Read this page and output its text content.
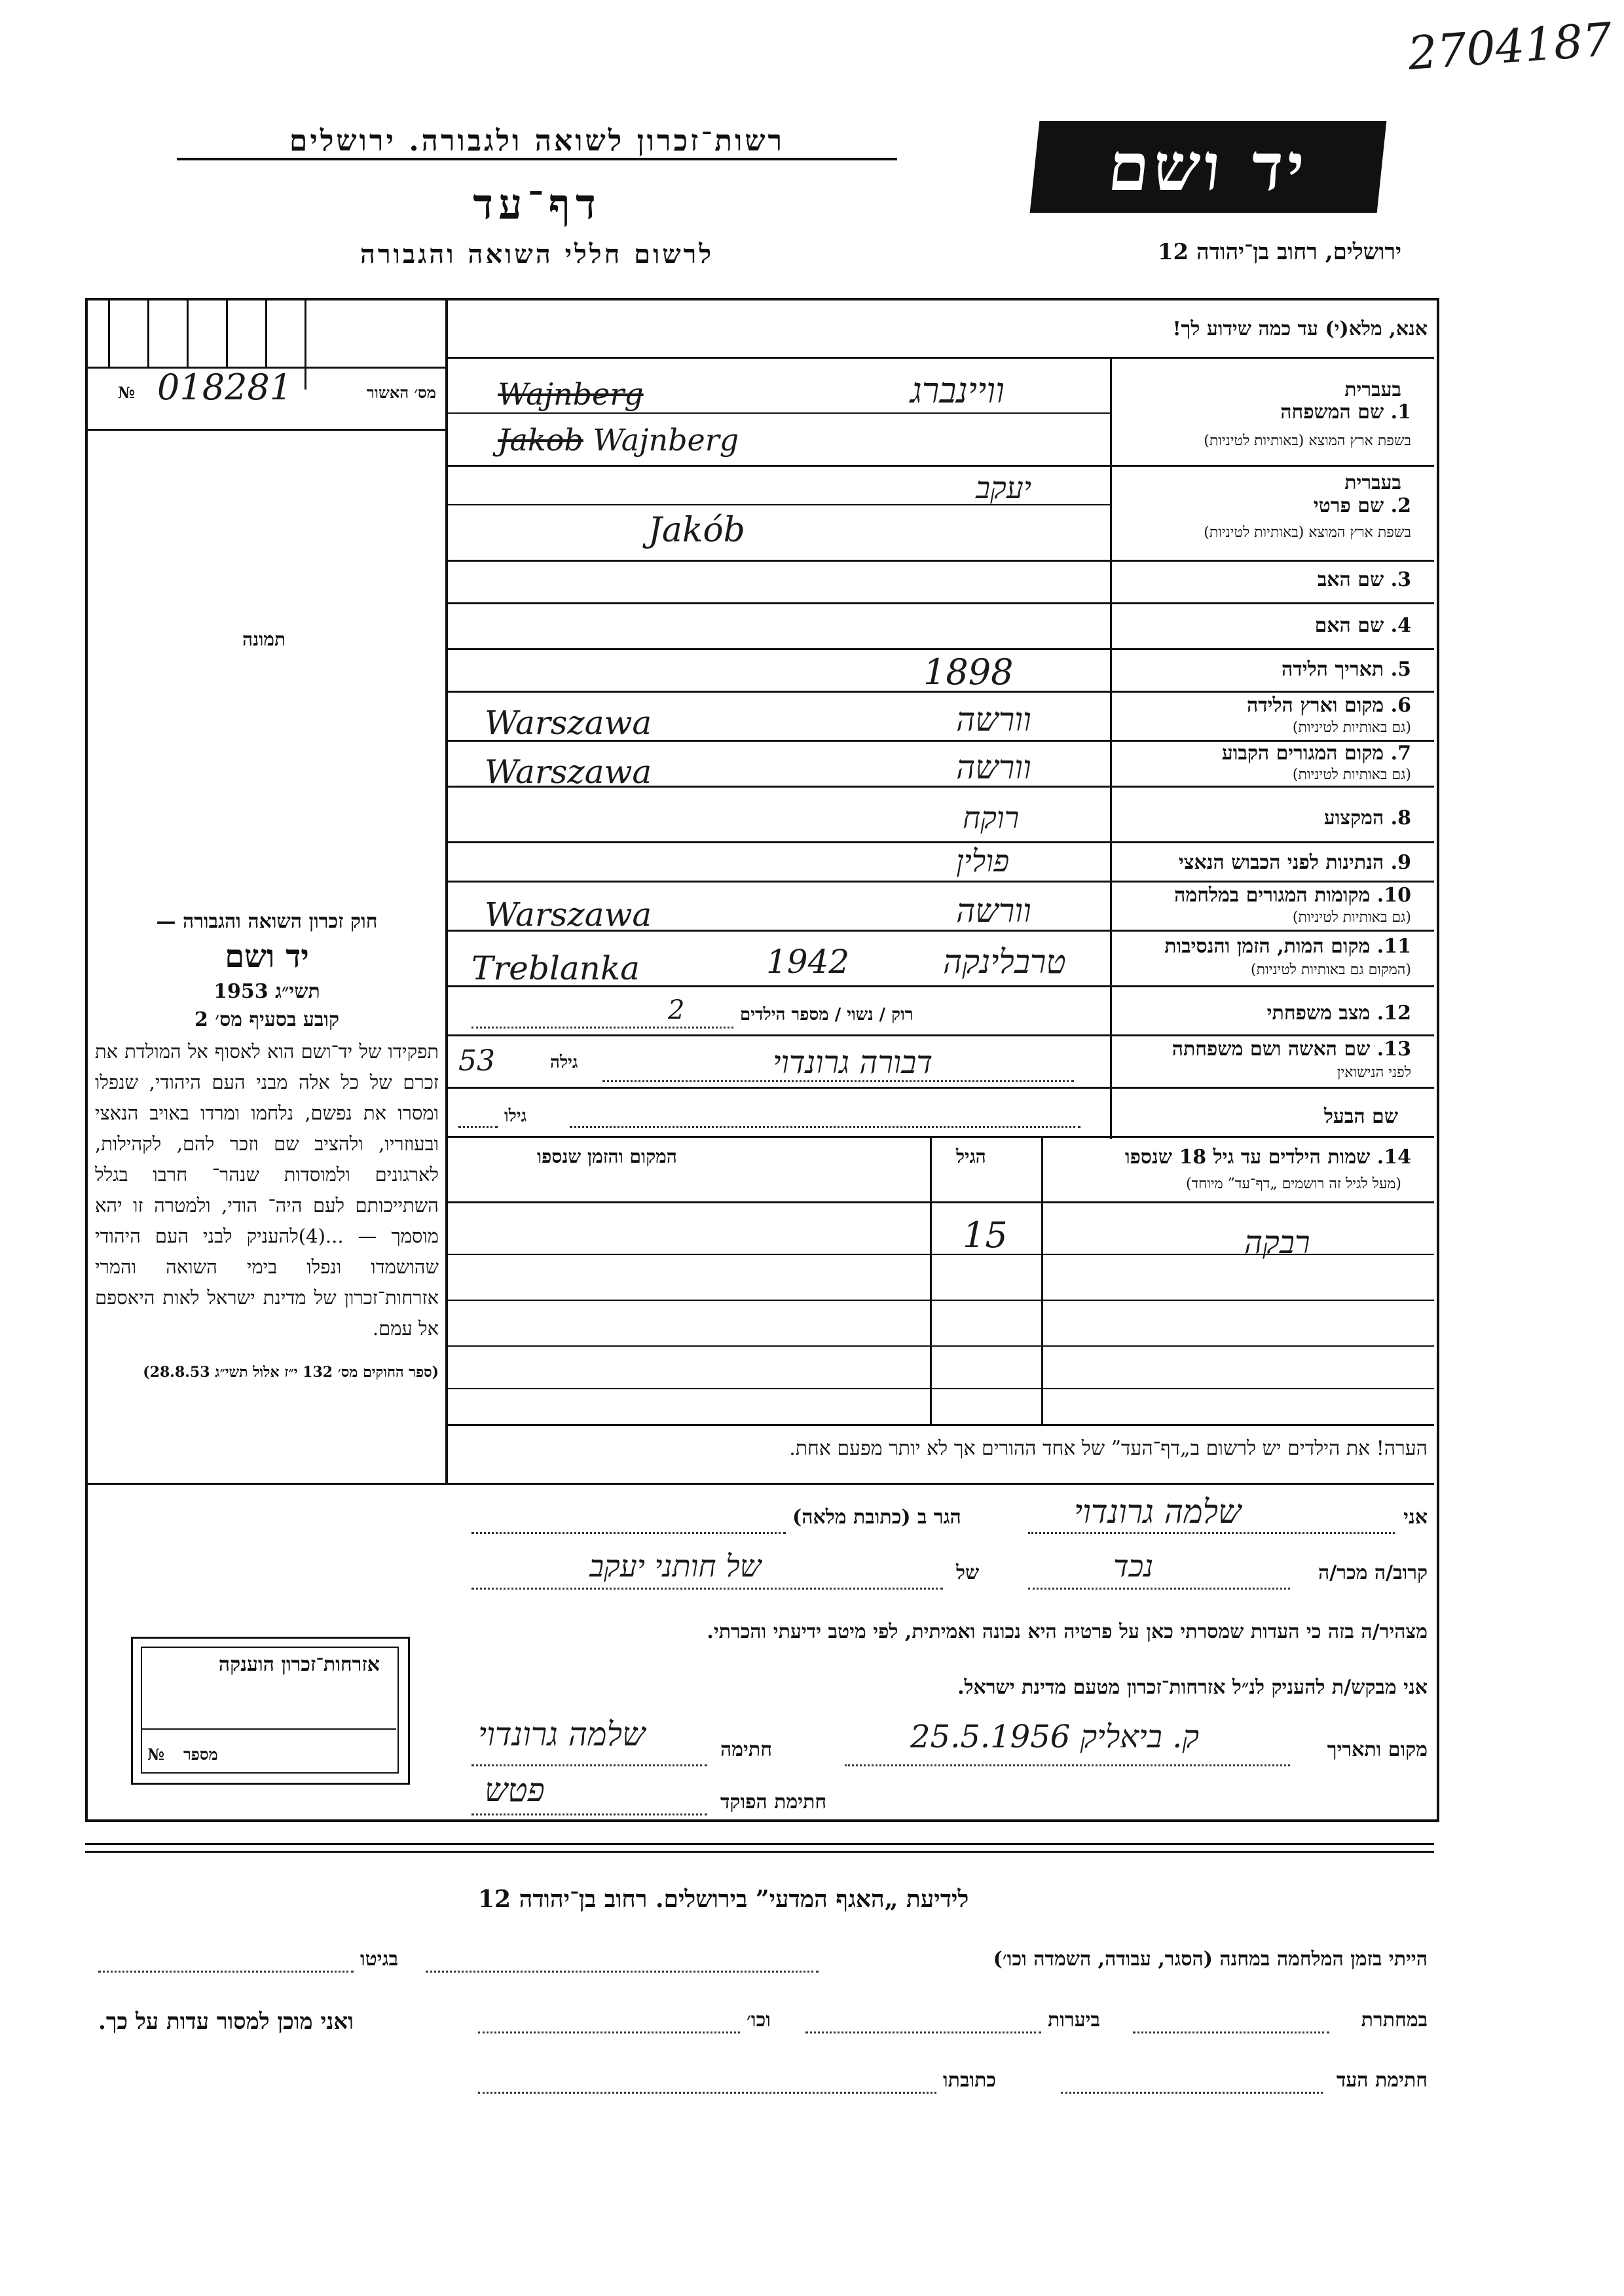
2704187
רשות־זכרון לשואה ולגבורה. ירושלים
דף־עד
לרשום חללי השואה והגבורה
יד ושם
ירושלים, רחוב בן־יהודה 12
מס׳ האשור
№ 018281
תמונה
אנא, מלא(י) עד כמה שידוע לך!
בעברית
1. שם המשפחה
בשפת ארץ המוצא (באותיות לטיניות)
וויינברג
Wajnberg
Jakob Wajnberg
בעברית
2. שם פרטי
בשפת ארץ המוצא (באותיות לטיניות)
יעקב
Jakób
3. שם האב
4. שם האם
5. תאריך הלידה
1898
6. מקום וארץ הלידה
(גם באותיות לטיניות)
וורשה
Warszawa
7. מקום המגורים הקבוע
(גם באותיות לטיניות)
וורשה
Warszawa
8. המקצוע
רוקח
9. הנתינות לפני הכבוש הנאצי
פולין
10. מקומות המגורים במלחמה
(גם באותיות לטיניות)
וורשה
Warszawa
11. מקום המות, הזמן והנסיבות
(המקום גם באותיות לטיניות)
טרבלינקה
1942
Treblanka
12. מצב משפחתי
רוק / נשוי / מספר הילדים
2
13. שם האשה ושם משפחתה
לפני הנישואין
דבורה גרונדוי
גילה
53
שם הבעל
גילו
14. שמות הילדים עד גיל 18 שנספו
(מעל לגיל זה רושמים „דף־עד” מיוחד)
הגיל
המקום והזמן שנספו
רבקה
15
הערה! את הילדים יש לרשום ב„דף־העד” של אחד ההורים אך לא יותר מפעם אחת.

חוק זכרון השואה והגבורה —

יד ושם

תשי״ג 1953

קובע בסעיף מס׳ 2

תפקידו של יד־ושם הוא לאסוף אל המולדת את זכרם של כל אלה מבני העם היהודי, שנפלו ומסרו את נפשם, נלחמו ומרדו באויב הנאצי ובעוזריו, ולהציב שם וזכר להם, לקהילות, לארגונים ולמוסדות שנהר־ חרבו בגלל השתייכותם לעם היה־ הודי, ולמטרה זו יהא מוסמך — ...(4)להעניק לבני העם היהודי שהושמדו ונפלו בימי השואה והמרי אזרחות־זכרון של מדינת ישראל לאות היאספם אל עמם.

(ספר החוקים מס׳ 132 י״ז אלול תשי״ג 28.8.53)

אזרחות־זכרון הוענקה
מספר
№
אני
שלמה גרונדוי
הגר ב (כתובת מלאה)
קרוב/ה מכר/ה
נכד
של
של חותני יעקב
מצהיר/ה בזה כי העדות שמסרתי כאן על פרטיה היא נכונה ואמיתית, לפי מיטב ידיעתי והכרתי.
אני מבקש/ת להעניק לנ״ל אזרחות־זכרון מטעם מדינת ישראל.
מקום ותאריך
ק. ביאליק 25.5.1956
חתימה
שלמה גרונדוי
חתימת הפוקד
פטש
לידיעת „האגף המדעי” בירושלים. רחוב בן־יהודה 12
הייתי בזמן המלחמה במחנה (הסגר, עבודה, השמדה וכו׳)
בגיטו
במחתרת
ביערות
וכו׳
ואני מוכן למסור עדות על כך.
חתימת העד
כתובתו
